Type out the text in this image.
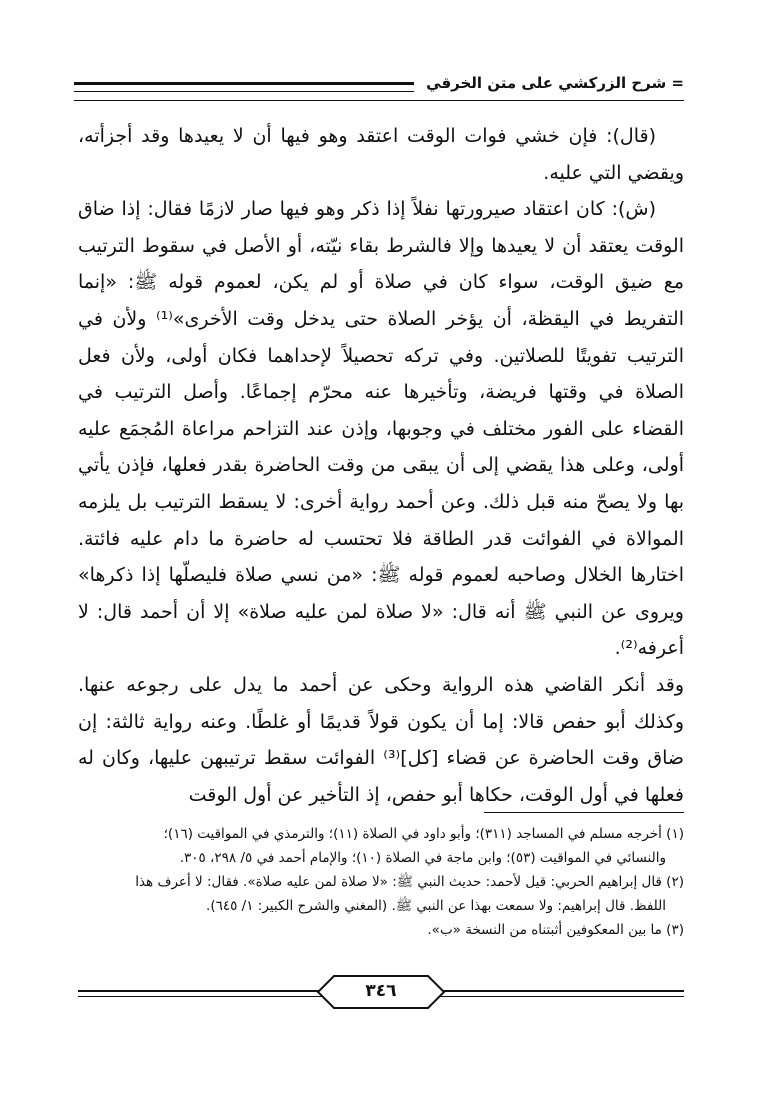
= شرح الزركشي على متن الخرقي

(قال): فإن خشي فوات الوقت اعتقد وهو فيها أن لا يعيدها وقد أجزأته، ويقضي التي عليه.

(ش): كان اعتقاد صيرورتها نفلاً إذا ذكر وهو فيها صار لازمًا فقال: إذا ضاق الوقت يعتقد أن لا يعيدها وإلا فالشرط بقاء نيّته، أو الأصل في سقوط الترتيب مع ضيق الوقت، سواء كان في صلاة أو لم يكن، لعموم قوله ﷺ: «إنما التفريط في اليقظة، أن يؤخر الصلاة حتى يدخل وقت الأخرى»⁽¹⁾ ولأن في الترتيب تفويتًا للصلاتين. وفي تركه تحصيلاً لإحداهما فكان أولى، ولأن فعل الصلاة في وقتها فريضة، وتأخيرها عنه محرّم إجماعًا. وأصل الترتيب في القضاء على الفور مختلف في وجوبها، وإذن عند التزاحم مراعاة المُجمَع عليه أولى، وعلى هذا يقضي إلى أن يبقى من وقت الحاضرة بقدر فعلها، فإذن يأتي بها ولا يصحّ منه قبل ذلك. وعن أحمد رواية أخرى: لا يسقط الترتيب بل يلزمه الموالاة في الفوائت قدر الطاقة فلا تحتسب له حاضرة ما دام عليه فائتة. اختارها الخلال وصاحبه لعموم قوله ﷺ: «من نسي صلاة فليصلّها إذا ذكرها» ويروى عن النبي ﷺ أنه قال: «لا صلاة لمن عليه صلاة» إلا أن أحمد قال: لا أعرفه⁽²⁾.

وقد أنكر القاضي هذه الرواية وحكى عن أحمد ما يدل على رجوعه عنها. وكذلك أبو حفص قالا: إما أن يكون قولاً قديمًا أو غلطًا. وعنه رواية ثالثة: إن ضاق وقت الحاضرة عن قضاء [كل]⁽³⁾ الفوائت سقط ترتيبهن عليها، وكان له فعلها في أول الوقت، حكاها أبو حفص، إذ التأخير عن أول الوقت

(١) أخرجه مسلم في المساجد (٣١١)؛ وأبو داود في الصلاة (١١)؛ والترمذي في المواقيت (١٦)؛

والنسائي في المواقيت (٥٣)؛ وابن ماجة في الصلاة (١٠)؛ والإمام أحمد في ٥/ ٢٩٨، ٣٠٥.

(٢) قال إبراهيم الحربي: قيل لأحمد: حديث النبي ﷺ: «لا صلاة لمن عليه صلاة». فقال: لا أعرف هذا

اللفظ. قال إبراهيم: ولا سمعت بهذا عن النبي ﷺ. (المغني والشرح الكبير: ١/ ٦٤٥).

(٣) ما بين المعكوفين أثبتناه من النسخة «ب».

٣٤٦
